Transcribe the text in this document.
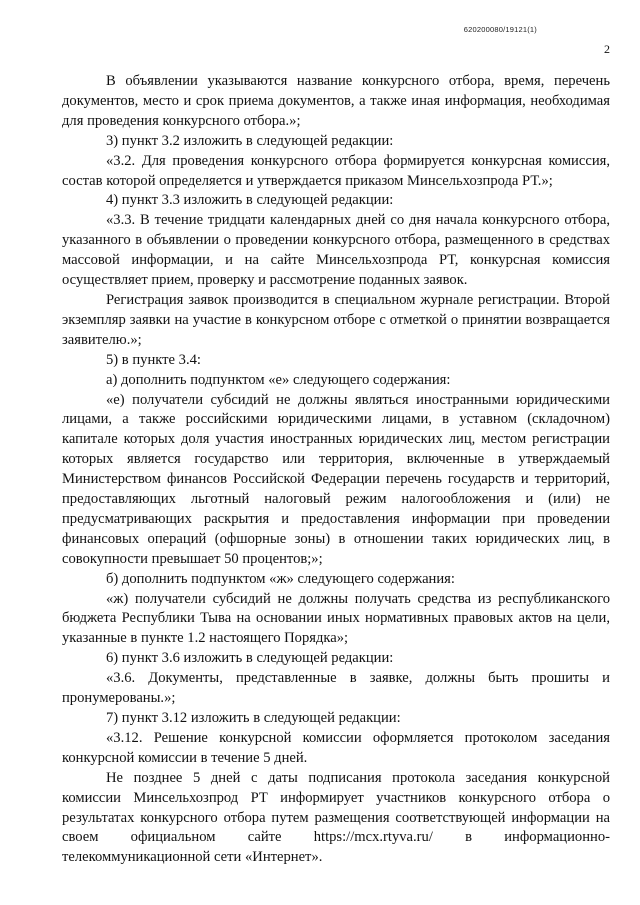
620200080/19121(1)
2

В объявлении указываются название конкурсного отбора, время, перечень документов, место и срок приема документов, а также иная информация, необходимая для проведения конкурсного отбора.»;

3) пункт 3.2 изложить в следующей редакции:

«3.2. Для проведения конкурсного отбора формируется конкурсная комиссия, состав которой определяется и утверждается приказом Минсельхозпрода РТ.»;

4) пункт 3.3 изложить в следующей редакции:

«3.3. В течение тридцати календарных дней со дня начала конкурсного отбора, указанного в объявлении о проведении конкурсного отбора, размещенного в средствах массовой информации, и на сайте Минсельхозпрода РТ, конкурсная комиссия осуществляет прием, проверку и рассмотрение поданных заявок.

Регистрация заявок производится в специальном журнале регистрации. Второй экземпляр заявки на участие в конкурсном отборе с отметкой о принятии возвращается заявителю.»;

5) в пункте 3.4:

а) дополнить подпунктом «е» следующего содержания:

«е) получатели субсидий не должны являться иностранными юридическими лицами, а также российскими юридическими лицами, в уставном (складочном) капитале которых доля участия иностранных юридических лиц, местом регистрации которых является государство или территория, включенные в утверждаемый Министерством финансов Российской Федерации перечень государств и территорий, предоставляющих льготный налоговый режим налогообложения и (или) не предусматривающих раскрытия и предоставления информации при проведении финансовых операций (офшорные зоны) в отношении таких юридических лиц, в совокупности превышает 50 процентов;»;

б) дополнить подпунктом «ж» следующего содержания:

«ж) получатели субсидий не должны получать средства из республиканского бюджета Республики Тыва на основании иных нормативных правовых актов на цели, указанные в пункте 1.2 настоящего Порядка»;

6) пункт 3.6 изложить в следующей редакции:

«3.6. Документы, представленные в заявке, должны быть прошиты и пронумерованы.»;

7) пункт 3.12 изложить в следующей редакции:

«3.12. Решение конкурсной комиссии оформляется протоколом заседания конкурсной комиссии в течение 5 дней.

Не позднее 5 дней с даты подписания протокола заседания конкурсной комиссии Минсельхозпрод РТ информирует участников конкурсного отбора о результатах конкурсного отбора путем размещения соответствующей информации на своем официальном сайте https://mcx.rtyva.ru/ в информационно-телекоммуникационной сети «Интернет».
